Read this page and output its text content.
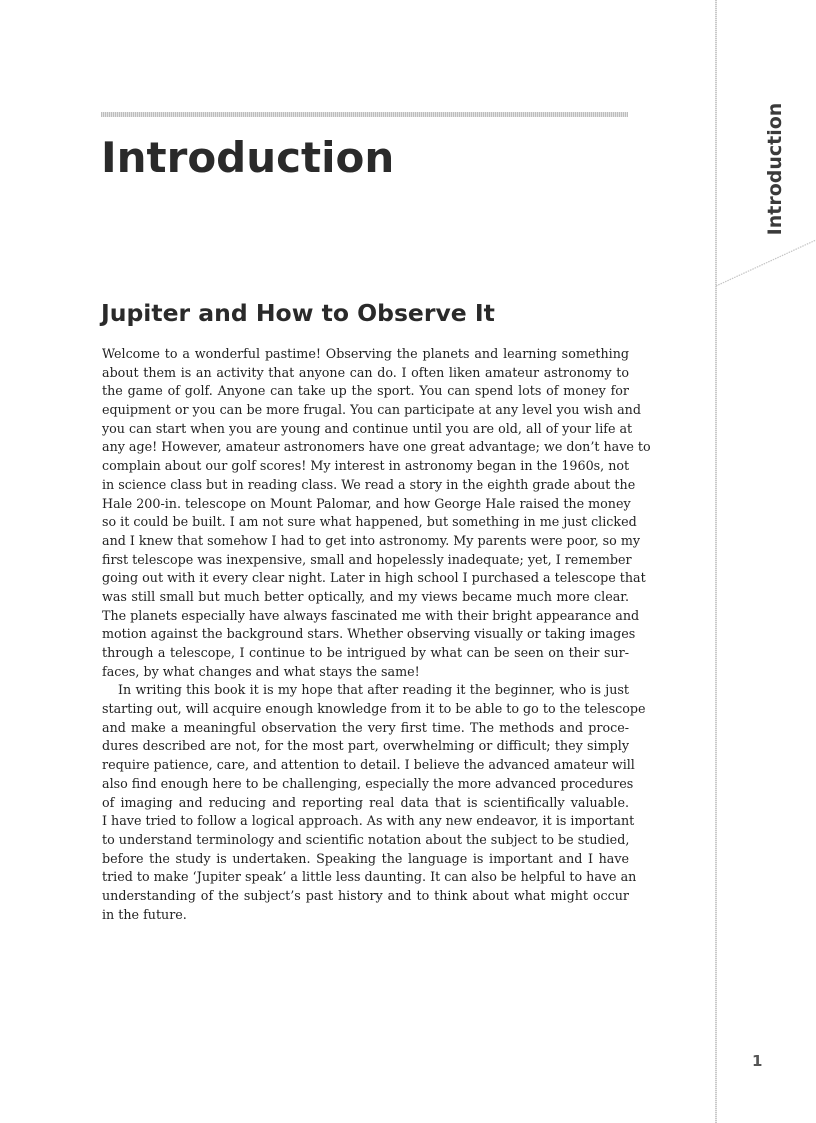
Introduction
Jupiter and How to Observe It
Welcome to a wonderful pastime! Observing the planets and learning something
about them is an activity that anyone can do. I often liken amateur astronomy to
the game of golf. Anyone can take up the sport. You can spend lots of money for
equipment or you can be more frugal. You can participate at any level you wish and
you can start when you are young and continue until you are old, all of your life at
any age! However, amateur astronomers have one great advantage; we don’t have to
complain about our golf scores! My interest in astronomy began in the 1960s, not
in science class but in reading class. We read a story in the eighth grade about the
Hale 200-in. telescope on Mount Palomar, and how George Hale raised the money
so it could be built. I am not sure what happened, but something in me just clicked
and I knew that somehow I had to get into astronomy. My parents were poor, so my
first telescope was inexpensive, small and hopelessly inadequate; yet, I remember
going out with it every clear night. Later in high school I purchased a telescope that
was still small but much better optically, and my views became much more clear.
The planets especially have always fascinated me with their bright appearance and
motion against the background stars. Whether observing visually or taking images
through a telescope, I continue to be intrigued by what can be seen on their sur-
faces, by what changes and what stays the same!
In writing this book it is my hope that after reading it the beginner, who is just
starting out, will acquire enough knowledge from it to be able to go to the telescope
and make a meaningful observation the very first time. The methods and proce-
dures described are not, for the most part, overwhelming or difficult; they simply
require patience, care, and attention to detail. I believe the advanced amateur will
also find enough here to be challenging, especially the more advanced procedures
of imaging and reducing and reporting real data that is scientifically valuable.
I have tried to follow a logical approach. As with any new endeavor, it is important
to understand terminology and scientific notation about the subject to be studied,
before the study is undertaken. Speaking the language is important and I have
tried to make ‘Jupiter speak’ a little less daunting. It can also be helpful to have an
understanding of the subject’s past history and to think about what might occur
in the future.
Introduction
1
